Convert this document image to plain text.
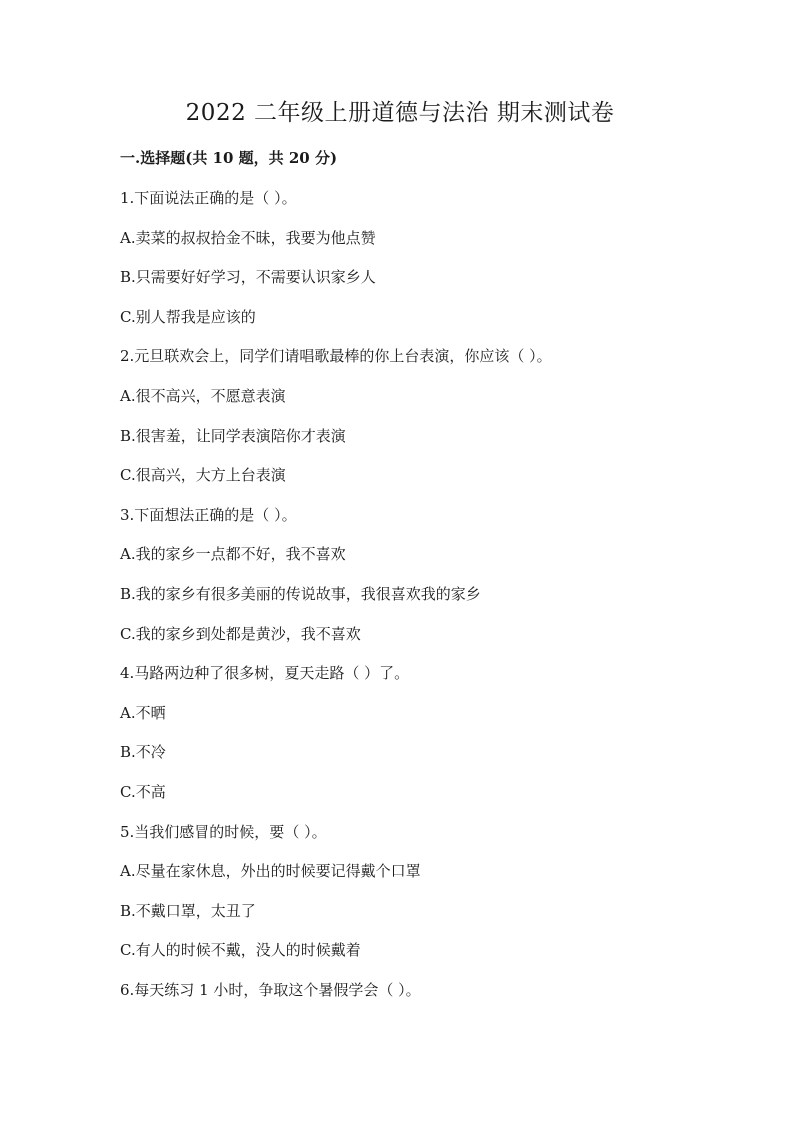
2022 二年级上册道德与法治 期末测试卷
一.选择题(共 10 题，共 20 分)
1.下面说法正确的是（ ）。
A.卖菜的叔叔拾金不昧，我要为他点赞
B.只需要好好学习，不需要认识家乡人
C.别人帮我是应该的
2.元旦联欢会上，同学们请唱歌最棒的你上台表演，你应该（ ）。
A.很不高兴，不愿意表演
B.很害羞，让同学表演陪你才表演
C.很高兴，大方上台表演
3.下面想法正确的是（ ）。
A.我的家乡一点都不好，我不喜欢
B.我的家乡有很多美丽的传说故事，我很喜欢我的家乡
C.我的家乡到处都是黄沙，我不喜欢
4.马路两边种了很多树，夏天走路（ ）了。
A.不晒
B.不冷
C.不高
5.当我们感冒的时候，要（ ）。
A.尽量在家休息，外出的时候要记得戴个口罩
B.不戴口罩，太丑了
C.有人的时候不戴，没人的时候戴着
6.每天练习 1 小时，争取这个暑假学会（ ）。
